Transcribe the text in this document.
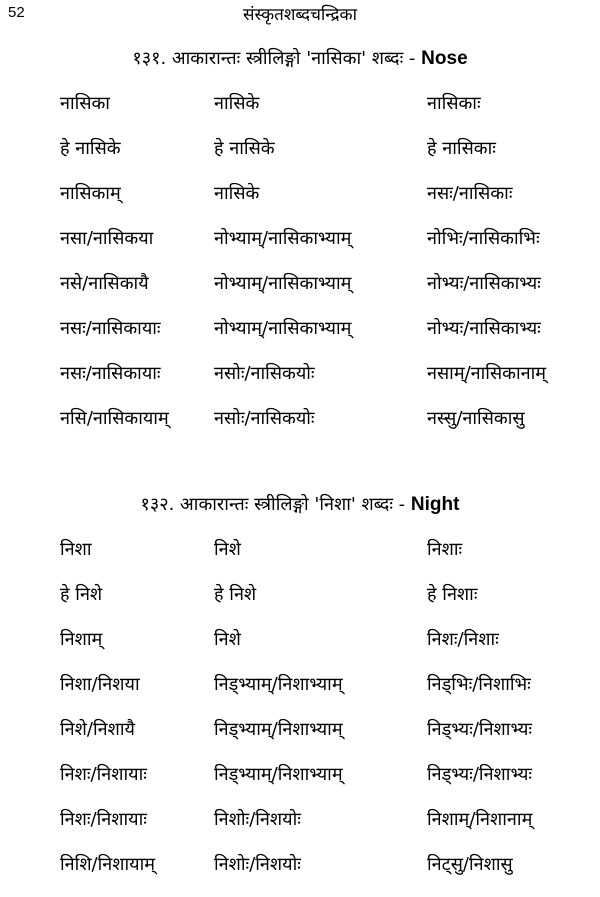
52	संस्कृतशब्दचन्द्रिका
१३१. आकारान्तः स्त्रीलिङ्गो 'नासिका' शब्दः - Nose
नासिका	नासिके	नासिकाः
हे नासिके	हे नासिके	हे नासिकाः
नासिकाम्	नासिके	नसः/नासिकाः
नसा/नासिकया	नोभ्याम्/नासिकाभ्याम्	नोभिः/नासिकाभिः
नसे/नासिकायै	नोभ्याम्/नासिकाभ्याम्	नोभ्यः/नासिकाभ्यः
नसः/नासिकायाः	नोभ्याम्/नासिकाभ्याम्	नोभ्यः/नासिकाभ्यः
नसः/नासिकायाः	नसोः/नासिकयोः	नसाम्/नासिकानाम्
नसि/नासिकायाम्	नसोः/नासिकयोः	नस्सु/नासिकासु
१३२. आकारान्तः स्त्रीलिङ्गो 'निशा' शब्दः - Night
निशा	निशे	निशाः
हे निशे	हे निशे	हे निशाः
निशाम्	निशे	निशः/निशाः
निशा/निशया	निड्भ्याम्/निशाभ्याम्	निड्भिः/निशाभिः
निशे/निशायै	निड्भ्याम्/निशाभ्याम्	निड्भ्यः/निशाभ्यः
निशः/निशायाः	निड्भ्याम्/निशाभ्याम्	निड्भ्यः/निशाभ्यः
निशः/निशायाः	निशोः/निशयोः	निशाम्/निशानाम्
निशि/निशायाम्	निशोः/निशयोः	निट्सु/निशासु
